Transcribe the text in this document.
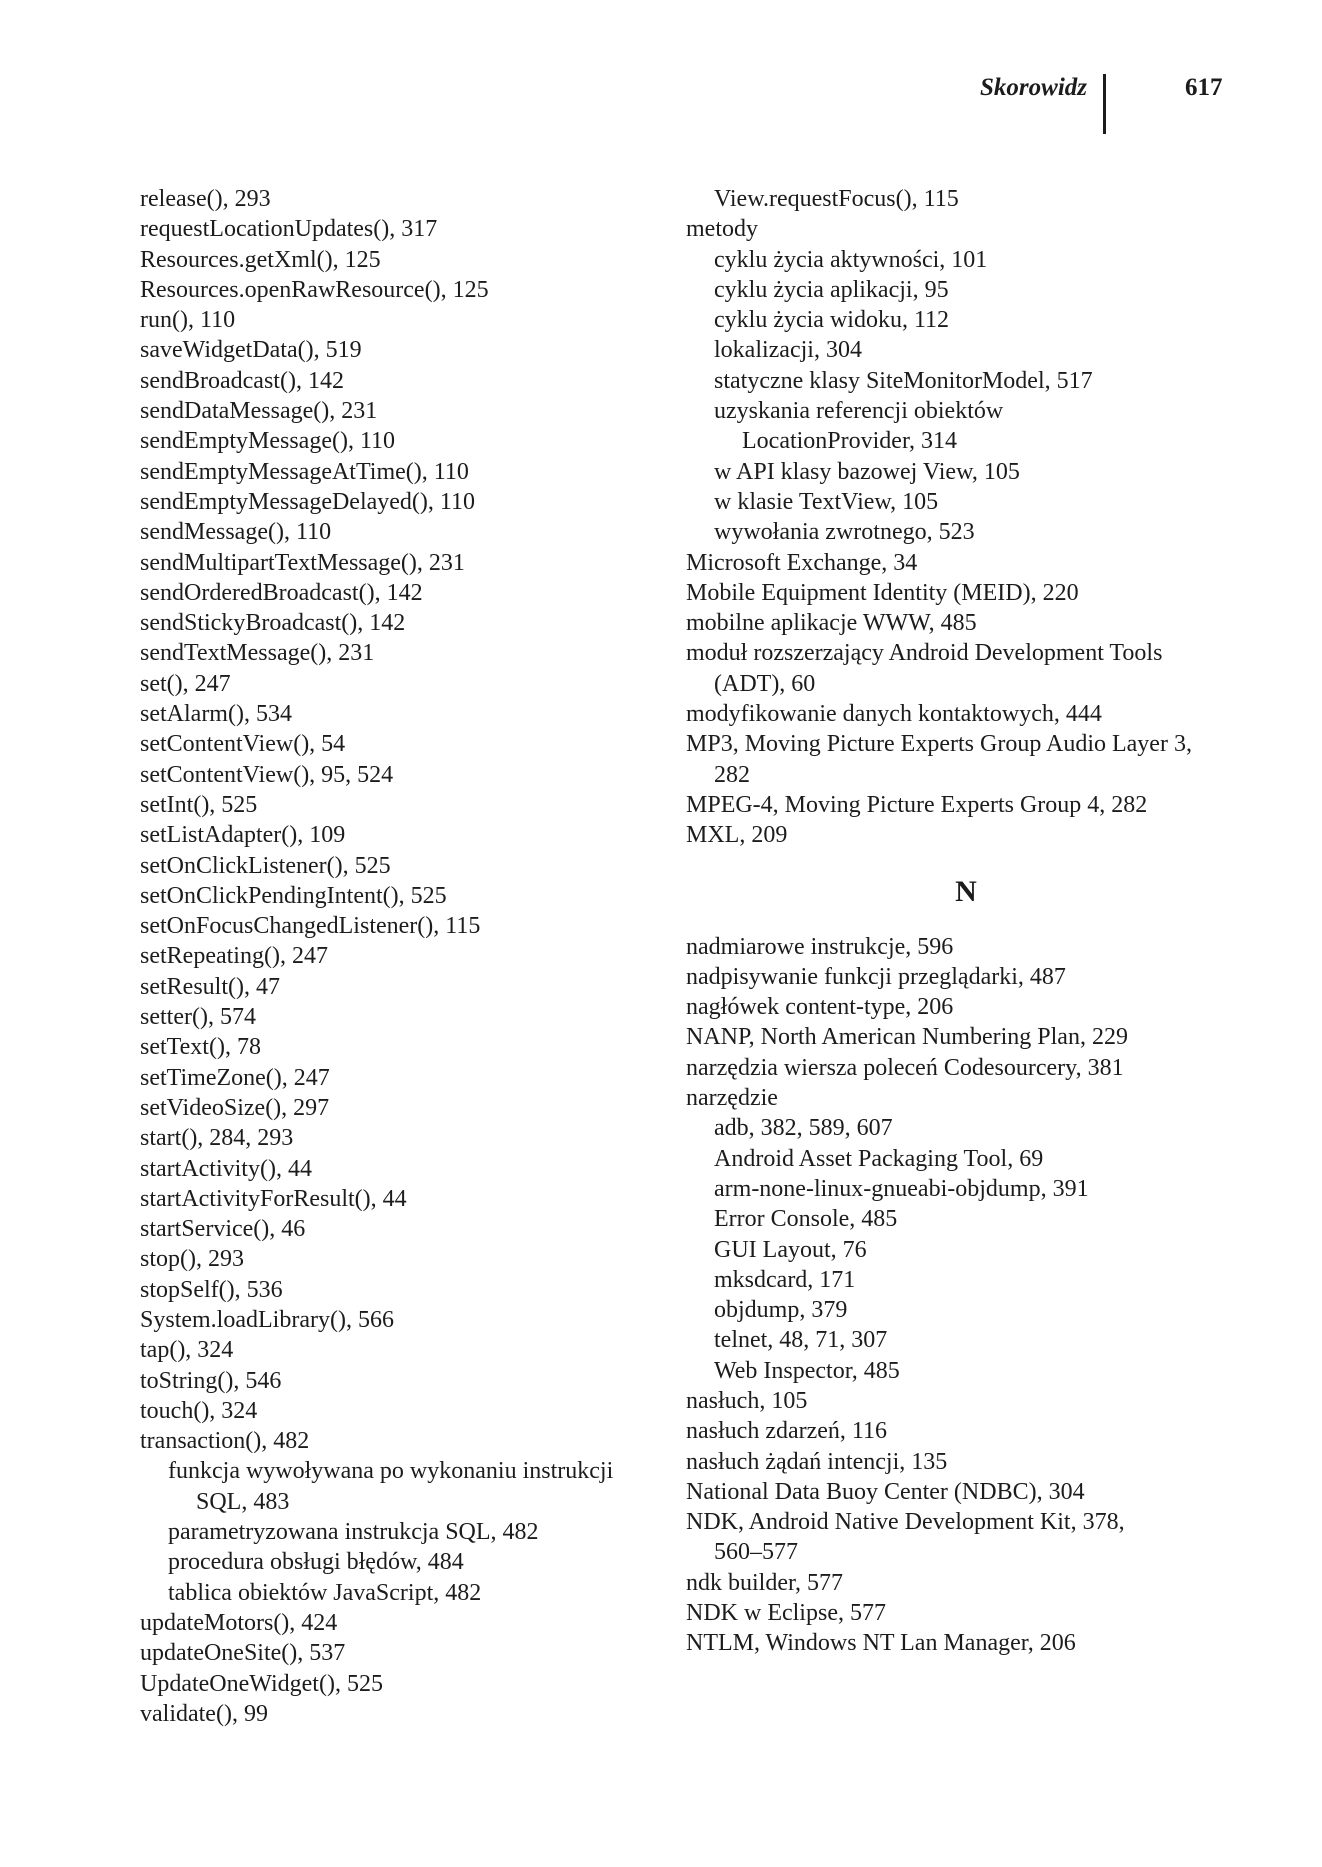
Skorowidz	617
release(), 293
requestLocationUpdates(), 317
Resources.getXml(), 125
Resources.openRawResource(), 125
run(), 110
saveWidgetData(), 519
sendBroadcast(), 142
sendDataMessage(), 231
sendEmptyMessage(), 110
sendEmptyMessageAtTime(), 110
sendEmptyMessageDelayed(), 110
sendMessage(), 110
sendMultipartTextMessage(), 231
sendOrderedBroadcast(), 142
sendStickyBroadcast(), 142
sendTextMessage(), 231
set(), 247
setAlarm(), 534
setContentView(), 54
setContentView(), 95, 524
setInt(), 525
setListAdapter(), 109
setOnClickListener(), 525
setOnClickPendingIntent(), 525
setOnFocusChangedListener(), 115
setRepeating(), 247
setResult(), 47
setter(), 574
setText(), 78
setTimeZone(), 247
setVideoSize(), 297
start(), 284, 293
startActivity(), 44
startActivityForResult(), 44
startService(), 46
stop(), 293
stopSelf(), 536
System.loadLibrary(), 566
tap(), 324
toString(), 546
touch(), 324
transaction(), 482
funkcja wywoływana po wykonaniu instrukcji
SQL, 483
parametryzowana instrukcja SQL, 482
procedura obsługi błędów, 484
tablica obiektów JavaScript, 482
updateMotors(), 424
updateOneSite(), 537
UpdateOneWidget(), 525
validate(), 99
View.requestFocus(), 115
metody
cyklu życia aktywności, 101
cyklu życia aplikacji, 95
cyklu życia widoku, 112
lokalizacji, 304
statyczne klasy SiteMonitorModel, 517
uzyskania referencji obiektów
LocationProvider, 314
w API klasy bazowej View, 105
w klasie TextView, 105
wywołania zwrotnego, 523
Microsoft Exchange, 34
Mobile Equipment Identity (MEID), 220
mobilne aplikacje WWW, 485
moduł rozszerzający Android Development Tools
(ADT), 60
modyfikowanie danych kontaktowych, 444
MP3, Moving Picture Experts Group Audio Layer 3,
282
MPEG-4, Moving Picture Experts Group 4, 282
MXL, 209
N
nadmiarowe instrukcje, 596
nadpisywanie funkcji przeglądarki, 487
nagłówek content-type, 206
NANP, North American Numbering Plan, 229
narzędzia wiersza poleceń Codesourcery, 381
narzędzie
adb, 382, 589, 607
Android Asset Packaging Tool, 69
arm-none-linux-gnueabi-objdump, 391
Error Console, 485
GUI Layout, 76
mksdcard, 171
objdump, 379
telnet, 48, 71, 307
Web Inspector, 485
nasłuch, 105
nasłuch zdarzeń, 116
nasłuch żądań intencji, 135
National Data Buoy Center (NDBC), 304
NDK, Android Native Development Kit, 378,
560–577
ndk builder, 577
NDK w Eclipse, 577
NTLM, Windows NT Lan Manager, 206
